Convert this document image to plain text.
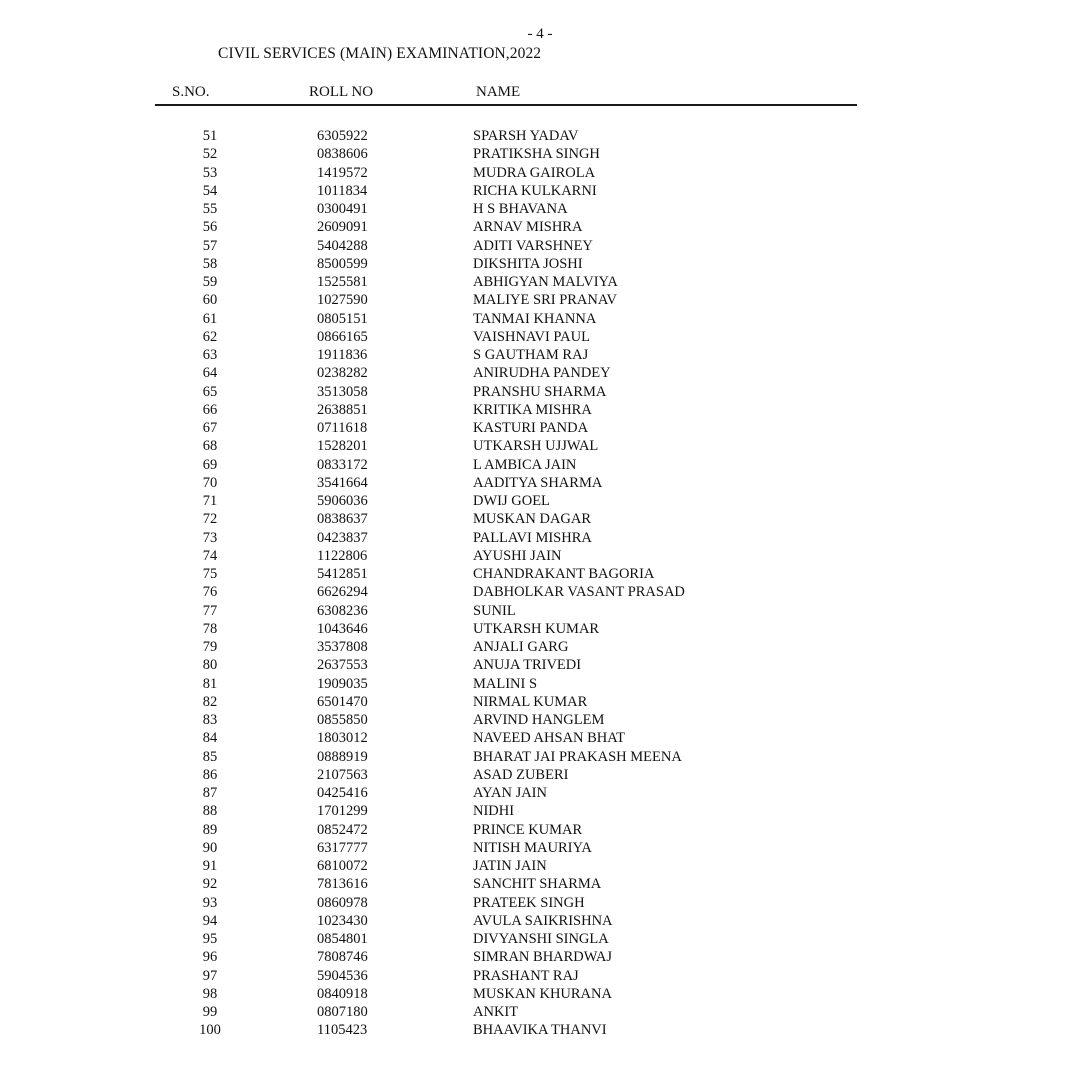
- 4 -
CIVIL SERVICES (MAIN) EXAMINATION,2022
S.NO.	ROLL NO	NAME
51	6305922	SPARSH YADAV
52	0838606	PRATIKSHA SINGH
53	1419572	MUDRA GAIROLA
54	1011834	RICHA KULKARNI
55	0300491	H S BHAVANA
56	2609091	ARNAV MISHRA
57	5404288	ADITI VARSHNEY
58	8500599	DIKSHITA JOSHI
59	1525581	ABHIGYAN MALVIYA
60	1027590	MALIYE SRI PRANAV
61	0805151	TANMAI KHANNA
62	0866165	VAISHNAVI PAUL
63	1911836	S GAUTHAM RAJ
64	0238282	ANIRUDHA PANDEY
65	3513058	PRANSHU SHARMA
66	2638851	KRITIKA MISHRA
67	0711618	KASTURI PANDA
68	1528201	UTKARSH UJJWAL
69	0833172	L AMBICA JAIN
70	3541664	AADITYA SHARMA
71	5906036	DWIJ GOEL
72	0838637	MUSKAN DAGAR
73	0423837	PALLAVI MISHRA
74	1122806	AYUSHI JAIN
75	5412851	CHANDRAKANT BAGORIA
76	6626294	DABHOLKAR VASANT PRASAD
77	6308236	SUNIL
78	1043646	UTKARSH KUMAR
79	3537808	ANJALI GARG
80	2637553	ANUJA TRIVEDI
81	1909035	MALINI S
82	6501470	NIRMAL KUMAR
83	0855850	ARVIND HANGLEM
84	1803012	NAVEED AHSAN BHAT
85	0888919	BHARAT JAI PRAKASH MEENA
86	2107563	ASAD ZUBERI
87	0425416	AYAN JAIN
88	1701299	NIDHI
89	0852472	PRINCE KUMAR
90	6317777	NITISH MAURIYA
91	6810072	JATIN JAIN
92	7813616	SANCHIT SHARMA
93	0860978	PRATEEK SINGH
94	1023430	AVULA SAIKRISHNA
95	0854801	DIVYANSHI SINGLA
96	7808746	SIMRAN BHARDWAJ
97	5904536	PRASHANT RAJ
98	0840918	MUSKAN KHURANA
99	0807180	ANKIT
100	1105423	BHAAVIKA THANVI
